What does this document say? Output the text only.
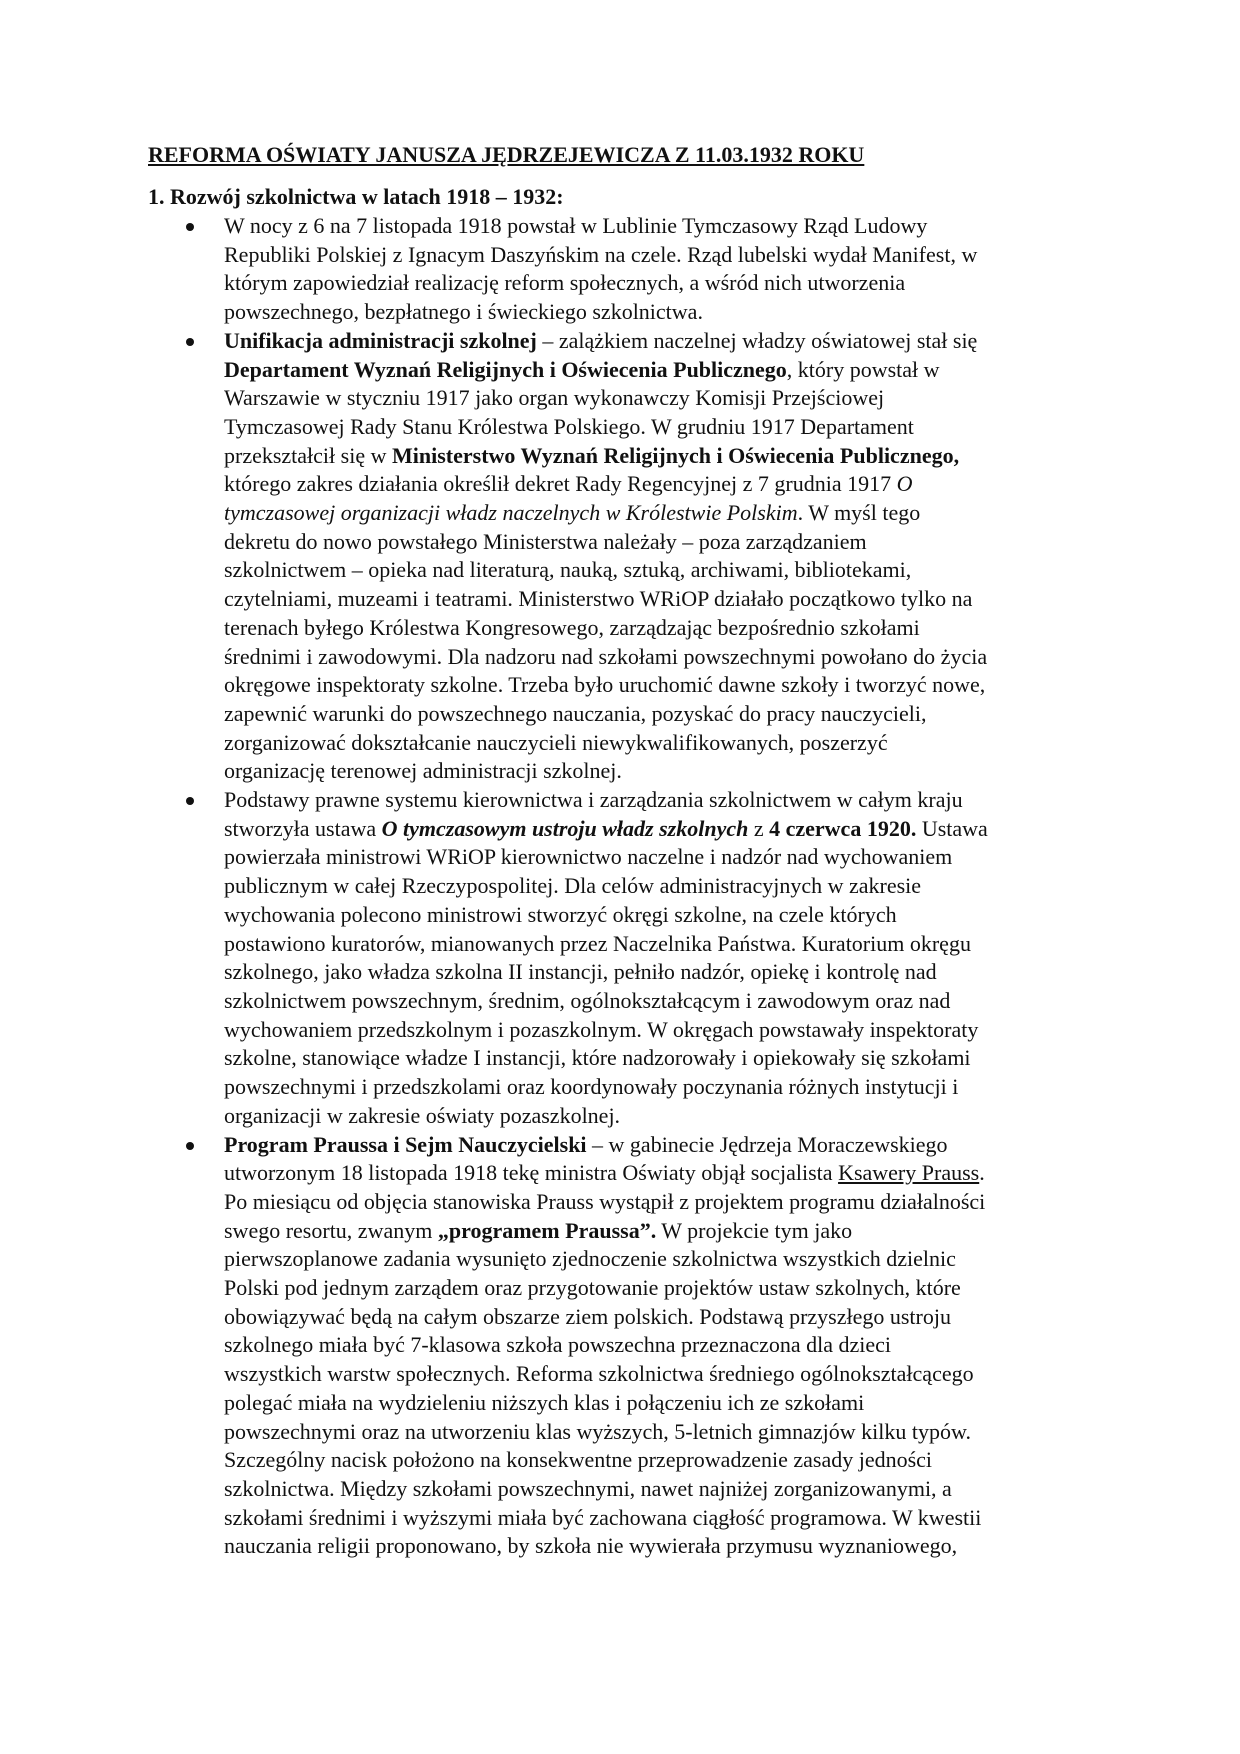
REFORMA OŚWIATY JANUSZA JĘDRZEJEWICZA Z 11.03.1932 ROKU
1. Rozwój szkolnictwa w latach 1918 – 1932:
W nocy z 6 na 7 listopada 1918 powstał w Lublinie Tymczasowy Rząd Ludowy
Republiki Polskiej z Ignacym Daszyńskim na czele. Rząd lubelski wydał Manifest, w
którym zapowiedział realizację reform społecznych, a wśród nich utworzenia
powszechnego, bezpłatnego i świeckiego szkolnictwa.
Unifikacja administracji szkolnej – zalążkiem naczelnej władzy oświatowej stał się
Departament Wyznań Religijnych i Oświecenia Publicznego, który powstał w
Warszawie w styczniu 1917 jako organ wykonawczy Komisji Przejściowej
Tymczasowej Rady Stanu Królestwa Polskiego. W grudniu 1917 Departament
przekształcił się w Ministerstwo Wyznań Religijnych i Oświecenia Publicznego,
którego zakres działania określił dekret Rady Regencyjnej z 7 grudnia 1917 O
tymczasowej organizacji władz naczelnych w Królestwie Polskim. W myśl tego
dekretu do nowo powstałego Ministerstwa należały – poza zarządzaniem
szkolnictwem – opieka nad literaturą, nauką, sztuką, archiwami, bibliotekami,
czytelniami, muzeami i teatrami. Ministerstwo WRiOP działało początkowo tylko na
terenach byłego Królestwa Kongresowego, zarządzając bezpośrednio szkołami
średnimi i zawodowymi. Dla nadzoru nad szkołami powszechnymi powołano do życia
okręgowe inspektoraty szkolne. Trzeba było uruchomić dawne szkoły i tworzyć nowe,
zapewnić warunki do powszechnego nauczania, pozyskać do pracy nauczycieli,
zorganizować dokształcanie nauczycieli niewykwalifikowanych, poszerzyć
organizację terenowej administracji szkolnej.
Podstawy prawne systemu kierownictwa i zarządzania szkolnictwem w całym kraju
stworzyła ustawa O tymczasowym ustroju władz szkolnych z 4 czerwca 1920. Ustawa
powierzała ministrowi WRiOP kierownictwo naczelne i nadzór nad wychowaniem
publicznym w całej Rzeczypospolitej. Dla celów administracyjnych w zakresie
wychowania polecono ministrowi stworzyć okręgi szkolne, na czele których
postawiono kuratorów, mianowanych przez Naczelnika Państwa. Kuratorium okręgu
szkolnego, jako władza szkolna II instancji, pełniło nadzór, opiekę i kontrolę nad
szkolnictwem powszechnym, średnim, ogólnokształcącym i zawodowym oraz nad
wychowaniem przedszkolnym i pozaszkolnym. W okręgach powstawały inspektoraty
szkolne, stanowiące władze I instancji, które nadzorowały i opiekowały się szkołami
powszechnymi i przedszkolami oraz koordynowały poczynania różnych instytucji i
organizacji w zakresie oświaty pozaszkolnej.
Program Praussa i Sejm Nauczycielski – w gabinecie Jędrzeja Moraczewskiego
utworzonym 18 listopada 1918 tekę ministra Oświaty objął socjalista Ksawery Prauss.
Po miesiącu od objęcia stanowiska Prauss wystąpił z projektem programu działalności
swego resortu, zwanym „programem Praussa”. W projekcie tym jako
pierwszoplanowe zadania wysunięto zjednoczenie szkolnictwa wszystkich dzielnic
Polski pod jednym zarządem oraz przygotowanie projektów ustaw szkolnych, które
obowiązywać będą na całym obszarze ziem polskich. Podstawą przyszłego ustroju
szkolnego miała być 7-klasowa szkoła powszechna przeznaczona dla dzieci
wszystkich warstw społecznych. Reforma szkolnictwa średniego ogólnokształcącego
polegać miała na wydzieleniu niższych klas i połączeniu ich ze szkołami
powszechnymi oraz na utworzeniu klas wyższych, 5-letnich gimnazjów kilku typów.
Szczególny nacisk położono na konsekwentne przeprowadzenie zasady jedności
szkolnictwa. Między szkołami powszechnymi, nawet najniżej zorganizowanymi, a
szkołami średnimi i wyższymi miała być zachowana ciągłość programowa. W kwestii
nauczania religii proponowano, by szkoła nie wywierała przymusu wyznaniowego,
